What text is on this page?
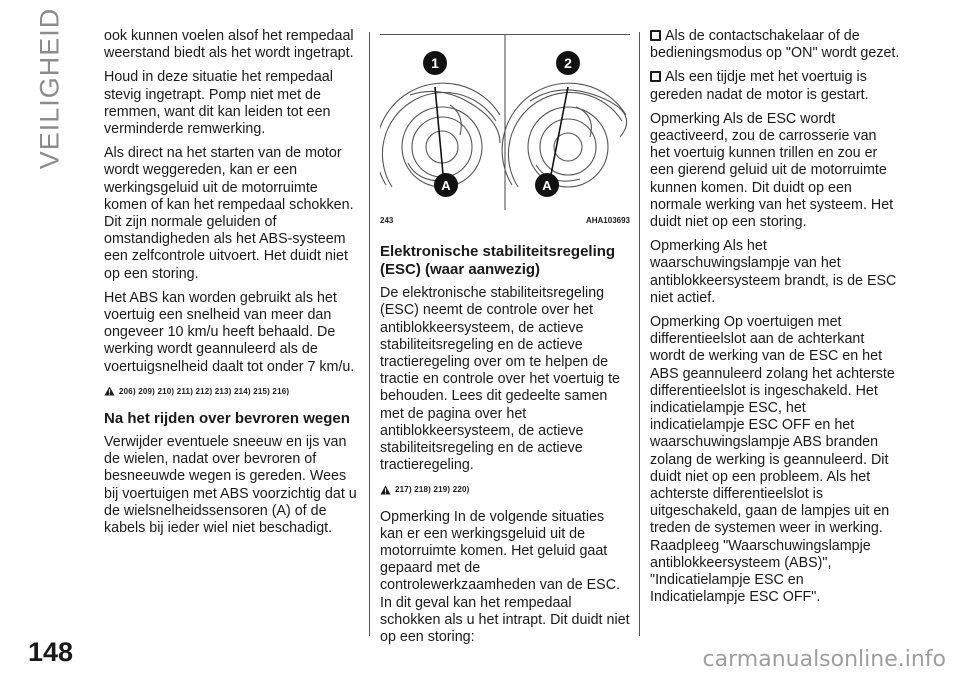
VEILIGHEID	ook kunnen voelen alsof het rempedaal weerstand biedt als het wordt ingetrapt.

Houd in deze situatie het rempedaal stevig ingetrapt. Pomp niet met de remmen, want dit kan leiden tot een verminderde remwerking.

Als direct na het starten van de motor wordt weggereden, kan er een werkingsgeluid uit de motorruimte komen of kan het rempedaal schokken. Dit zijn normale geluiden of omstandigheden als het ABS-systeem een zelfcontrole uitvoert. Het duidt niet op een storing.

Het ABS kan worden gebruikt als het voertuig een snelheid van meer dan ongeveer 10 km/u heeft behaald. De werking wordt geannuleerd als de voertuigsnelheid daalt tot onder 7 km/u.

206) 209) 210) 211) 212) 213) 214) 215) 216)
Na het rijden over bevroren wegen

Verwijder eventuele sneeuw en ijs van de wielen, nadat over bevroren of besneeuwde wegen is gereden. Wees bij voertuigen met ABS voorzichtig dat u de wielsnelheidssensoren (A) of de kabels bij ieder wiel niet beschadigt.

1
A
2
A
243	AHA103693
Elektronische stabiliteitsregeling (ESC) (waar aanwezig)

De elektronische stabiliteitsregeling (ESC) neemt de controle over het antiblokkeersysteem, de actieve stabiliteitsregeling en de actieve tractieregeling over om te helpen de tractie en controle over het voertuig te behouden. Lees dit gedeelte samen met de pagina over het antiblokkeersysteem, de actieve stabiliteitsregeling en de actieve tractieregeling.

217) 218) 219) 220)

Opmerking In de volgende situaties kan er een werkingsgeluid uit de motorruimte komen. Het geluid gaat gepaard met de controlewerkzaamheden van de ESC. In dit geval kan het rempedaal schokken als u het intrapt. Dit duidt niet op een storing:

Als de contactschakelaar of de bedieningsmodus op "ON" wordt gezet.

Als een tijdje met het voertuig is gereden nadat de motor is gestart.

Opmerking Als de ESC wordt geactiveerd, zou de carrosserie van het voertuig kunnen trillen en zou er een gierend geluid uit de motorruimte kunnen komen. Dit duidt op een normale werking van het systeem. Het duidt niet op een storing.

Opmerking Als het waarschuwingslampje van het antiblokkeersysteem brandt, is de ESC niet actief.

Opmerking Op voertuigen met differentieelslot aan de achterkant wordt de werking van de ESC en het ABS geannuleerd zolang het achterste differentieelslot is ingeschakeld. Het indicatielampje ESC, het indicatielampje ESC OFF en het waarschuwingslampje ABS branden zolang de werking is geannuleerd. Dit duidt niet op een probleem. Als het achterste differentieelslot is uitgeschakeld, gaan de lampjes uit en treden de systemen weer in werking. Raadpleeg "Waarschuwingslampje antiblokkeersysteem (ABS)", "Indicatielampje ESC en Indicatielampje ESC OFF".

148	carmanualsonline.info
